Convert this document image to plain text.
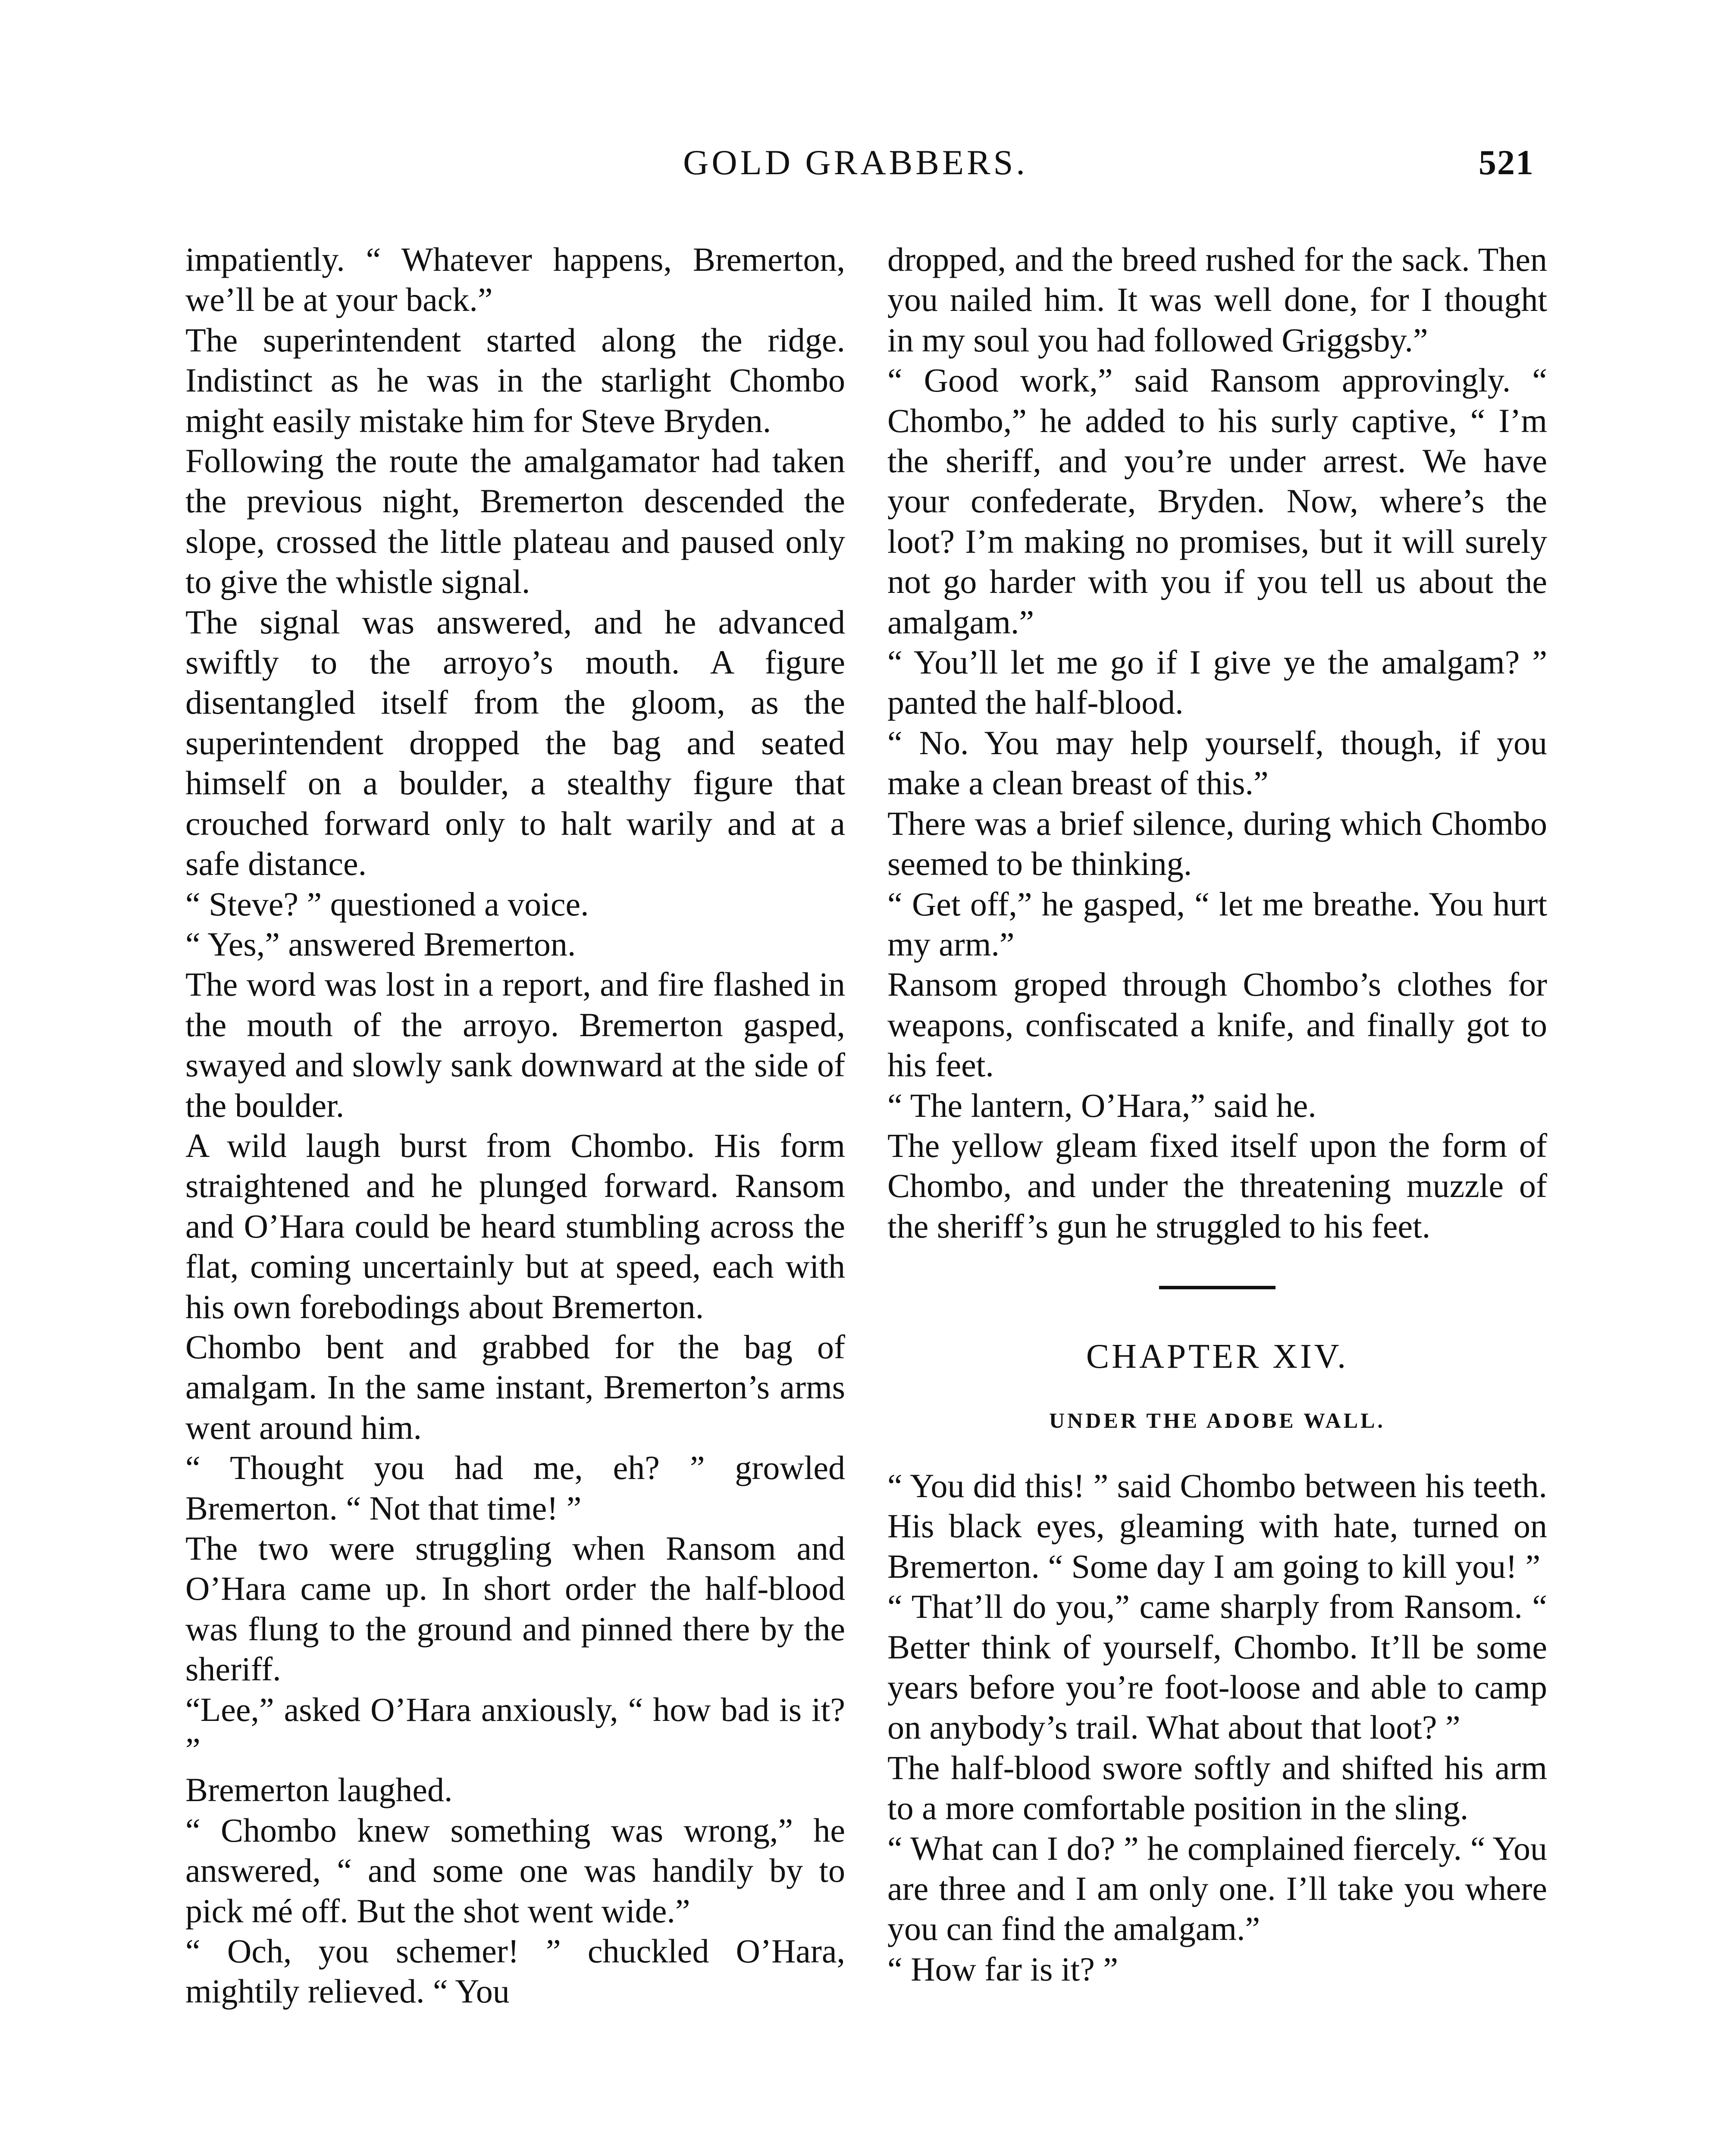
GOLD GRABBERS.	521

impatiently. “ Whatever happens, Bremerton, we’ll be at your back.”

The superintendent started along the ridge. Indistinct as he was in the starlight Chombo might easily mistake him for Steve Bryden.

Following the route the amalgamator had taken the previous night, Bremerton descended the slope, crossed the little plateau and paused only to give the whistle signal.

The signal was answered, and he advanced swiftly to the arroyo’s mouth. A figure disentangled itself from the gloom, as the superintendent dropped the bag and seated himself on a boulder, a stealthy figure that crouched forward only to halt warily and at a safe distance.

“ Steve? ” questioned a voice.

“ Yes,” answered Bremerton.

The word was lost in a report, and fire flashed in the mouth of the arroyo. Bremerton gasped, swayed and slowly sank downward at the side of the boulder.

A wild laugh burst from Chombo. His form straightened and he plunged forward. Ransom and O’Hara could be heard stumbling across the flat, coming uncertainly but at speed, each with his own forebodings about Bremerton.

Chombo bent and grabbed for the bag of amalgam. In the same instant, Bremerton’s arms went around him.

“ Thought you had me, eh? ” growled Bremerton. “ Not that time! ”

The two were struggling when Ransom and O’Hara came up. In short order the half-blood was flung to the ground and pinned there by the sheriff.

“Lee,” asked O’Hara anxiously, “ how bad is it? ”

Bremerton laughed.

“ Chombo knew something was wrong,” he answered, “ and some one was handily by to pick mé off. But the shot went wide.”

“ Och, you schemer! ” chuckled O’Hara, mightily relieved. “ You

dropped, and the breed rushed for the sack. Then you nailed him. It was well done, for I thought in my soul you had followed Griggsby.”

“ Good work,” said Ransom approvingly. “ Chombo,” he added to his surly captive, “ I’m the sheriff, and you’re under arrest. We have your confederate, Bryden. Now, where’s the loot? I’m making no promises, but it will surely not go harder with you if you tell us about the amalgam.”

“ You’ll let me go if I give ye the amalgam? ” panted the half-blood.

“ No. You may help yourself, though, if you make a clean breast of this.”

There was a brief silence, during which Chombo seemed to be thinking.

“ Get off,” he gasped, “ let me breathe. You hurt my arm.”

Ransom groped through Chombo’s clothes for weapons, confiscated a knife, and finally got to his feet.

“ The lantern, O’Hara,” said he.

The yellow gleam fixed itself upon the form of Chombo, and under the threatening muzzle of the sheriff’s gun he struggled to his feet.

CHAPTER XIV.
UNDER THE ADOBE WALL.

“ You did this! ” said Chombo between his teeth. His black eyes, gleaming with hate, turned on Bremerton. “ Some day I am going to kill you! ”

“ That’ll do you,” came sharply from Ransom. “ Better think of yourself, Chombo. It’ll be some years before you’re foot-loose and able to camp on anybody’s trail. What about that loot? ”

The half-blood swore softly and shifted his arm to a more comfortable position in the sling.

“ What can I do? ” he complained fiercely. “ You are three and I am only one. I’ll take you where you can find the amalgam.”

“ How far is it? ”
